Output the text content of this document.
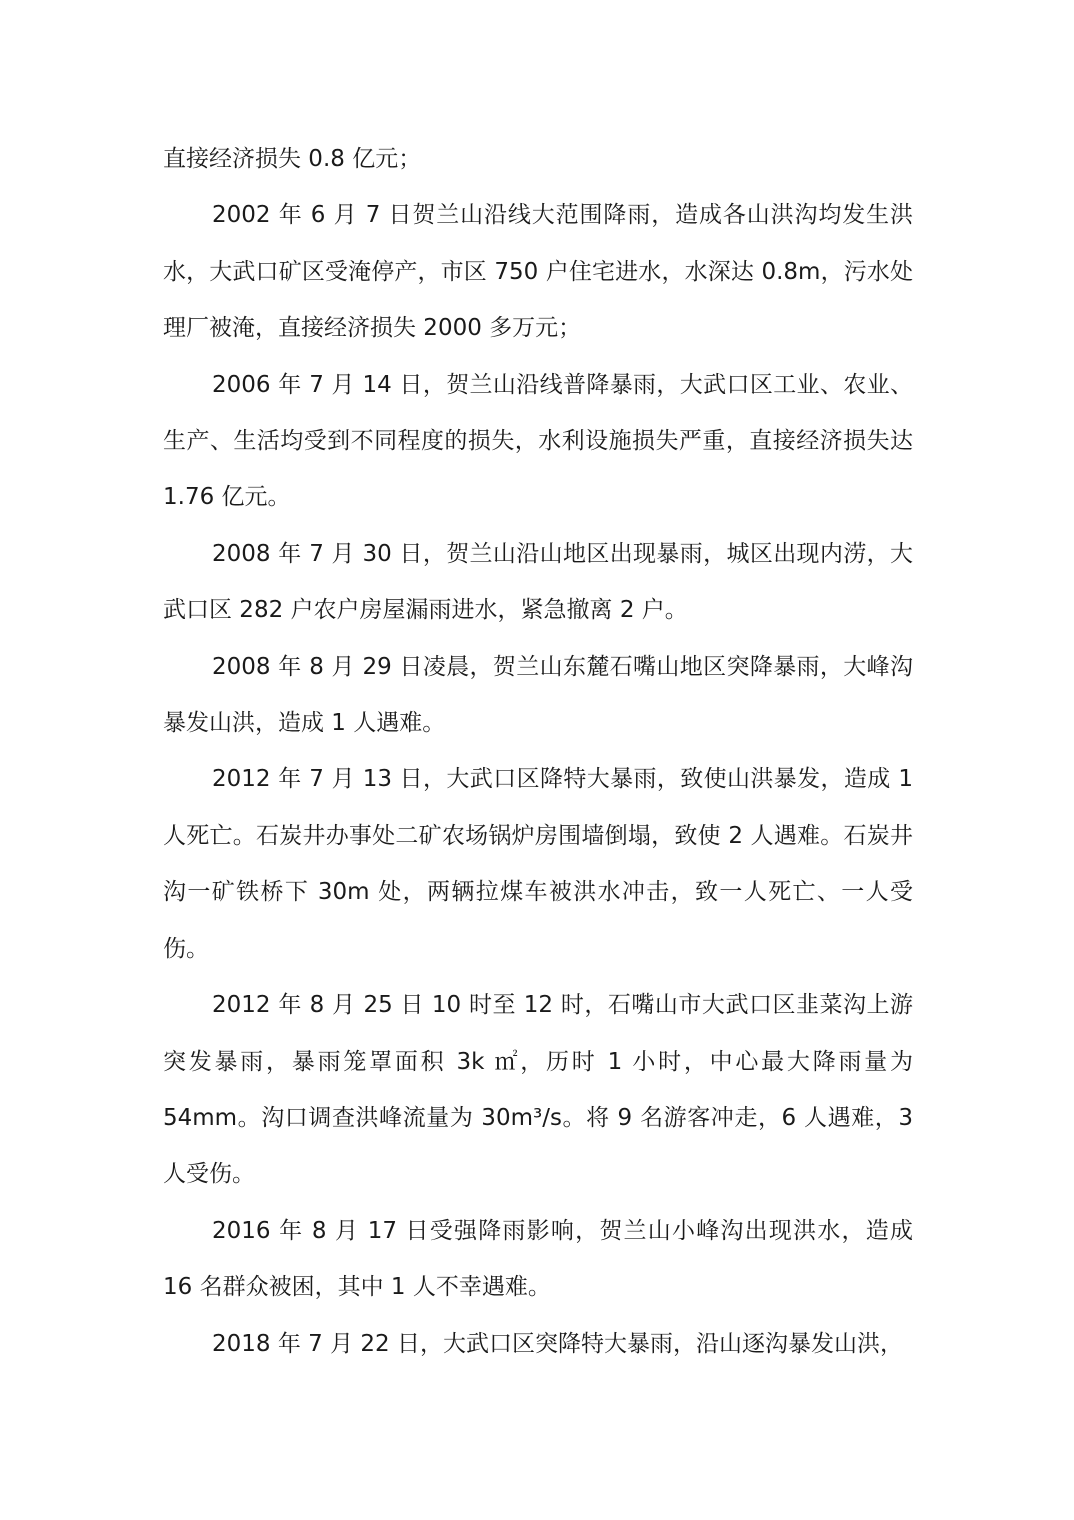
直接经济损失 0.8 亿元；

2002 年 6 月 7 日贺兰山沿线大范围降雨，造成各山洪沟均发生洪水，大武口矿区受淹停产，市区 750 户住宅进水，水深达 0.8m，污水处理厂被淹，直接经济损失 2000 多万元；

2006 年 7 月 14 日，贺兰山沿线普降暴雨，大武口区工业、农业、生产、生活均受到不同程度的损失，水利设施损失严重，直接经济损失达 1.76 亿元。

2008 年 7 月 30 日，贺兰山沿山地区出现暴雨，城区出现内涝，大武口区 282 户农户房屋漏雨进水，紧急撤离 2 户。

2008 年 8 月 29 日凌晨，贺兰山东麓石嘴山地区突降暴雨，大峰沟暴发山洪，造成 1 人遇难。

2012 年 7 月 13 日，大武口区降特大暴雨，致使山洪暴发，造成 1 人死亡。石炭井办事处二矿农场锅炉房围墙倒塌，致使 2 人遇难。石炭井沟一矿铁桥下 30m 处，两辆拉煤车被洪水冲击，致一人死亡、一人受伤。

2012 年 8 月 25 日 10 时至 12 时，石嘴山市大武口区韭菜沟上游突发暴雨，暴雨笼罩面积 3k ㎡，历时 1 小时，中心最大降雨量为 54mm。沟口调查洪峰流量为 30m³/s。将 9 名游客冲走，6 人遇难，3 人受伤。

2016 年 8 月 17 日受强降雨影响，贺兰山小峰沟出现洪水，造成 16 名群众被困，其中 1 人不幸遇难。

2018 年 7 月 22 日，大武口区突降特大暴雨，沿山逐沟暴发山洪，
